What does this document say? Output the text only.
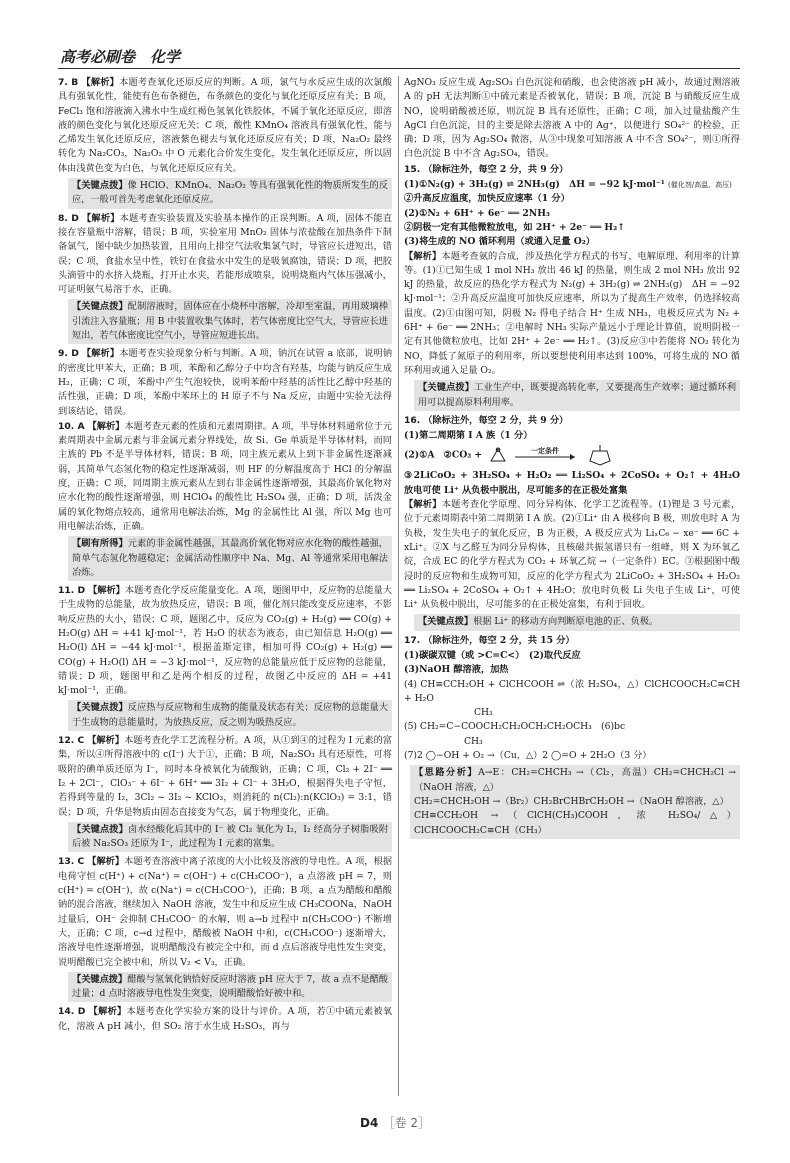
高考必刷卷　化学
7. B 【解析】本题考查氧化还原反应的判断。A 项，氯气与水反应生成的次氯酸具有强氧化性，能使有色布条褪色，布条颜色的变化与氧化还原反应有关；B 项，FeCl₃ 饱和溶液滴入沸水中生成红褐色氢氧化铁胶体，不属于氧化还原反应，即溶液的颜色变化与氧化还原反应无关；C 项，酸性 KMnO₄ 溶液具有强氧化性，能与乙烯发生氧化还原反应，溶液紫色褪去与氧化还原反应有关；D 项，Na₂O₂ 最终转化为 Na₂CO₃，Na₂O₂ 中 O 元素化合价发生变化，发生氧化还原反应，所以固体由浅黄色变为白色，与氧化还原反应有关。
【关键点拨】像 HClO、KMnO₄、Na₂O₂ 等具有强氧化性的物质所发生的反应，一般可首先考虑氧化还原反应。
8. D 【解析】本题考查实验装置及实验基本操作的正误判断。A 项，固体不能直接在容量瓶中溶解，错误；B 项，实验室用 MnO₂ 固体与浓盐酸在加热条件下制备氯气，图中缺少加热装置，且用向上排空气法收集氯气时，导管应长进短出，错误；C 项，食盐水呈中性，铁钉在食盐水中发生的是吸氧腐蚀，错误；D 项，把胶头滴管中的水挤入烧瓶，打开止水夹，若能形成喷泉，说明烧瓶内气体压强减小，可证明氨气易溶于水，正确。
【关键点拨】配制溶液时，固体应在小烧杯中溶解，冷却至室温，再用玻璃棒引流注入容量瓶；用 B 中装置收集气体时，若气体密度比空气大，导管应长进短出，若气体密度比空气小，导管应短进长出。
9. D 【解析】本题考查实验现象分析与判断。A 项，钠沉在试管 a 底部，说明钠的密度比甲苯大，正确；B 项，苯酚和乙醇分子中均含有羟基，均能与钠反应生成 H₂，正确；C 项，苯酚中产生气泡较快，说明苯酚中羟基的活性比乙醇中羟基的活性强，正确；D 项，苯酚中苯环上的 H 原子不与 Na 反应，由题中实验无法得到该结论，错误。
10. A 【解析】本题考查元素的性质和元素周期律。A 项，半导体材料通常位于元素周期表中金属元素与非金属元素分界线处，故 Si、Ge 单质是半导体材料，而同主族的 Pb 不是半导体材料，错误；B 项，同主族元素从上到下非金属性逐渐减弱，其简单气态氢化物的稳定性逐渐减弱，则 HF 的分解温度高于 HCl 的分解温度，正确；C 项，同周期主族元素从左到右非金属性逐渐增强，其最高价氧化物对应水化物的酸性逐渐增强，则 HClO₄ 的酸性比 H₂SO₄ 强，正确；D 项，活泼金属的氧化物熔点较高，通常用电解法冶炼，Mg 的金属性比 Al 强，所以 Mg 也可用电解法冶炼，正确。
【刷有所得】元素的非金属性越强，其最高价氧化物对应水化物的酸性越强，简单气态氢化物越稳定；金属活动性顺序中 Na、Mg、Al 等通常采用电解法冶炼。
11. D 【解析】本题考查化学反应能量变化。A 项，题图甲中，反应物的总能量大于生成物的总能量，故为放热反应，错误；B 项，催化剂只能改变反应速率，不影响反应热的大小，错误；C 项，题图乙中，反应为 CO₂(g) + H₂(g) ══ CO(g) + H₂O(g) ΔH = +41 kJ·mol⁻¹，若 H₂O 的状态为液态，由已知信息 H₂O(g) ══ H₂O(l) ΔH = −44 kJ·mol⁻¹，根据盖斯定律，相加可得 CO₂(g) + H₂(g) ══ CO(g) + H₂O(l) ΔH = −3 kJ·mol⁻¹，反应物的总能量应低于反应物的总能量，错误；D 项，题图甲和乙是两个相反的过程，故图乙中反应的 ΔH = +41 kJ·mol⁻¹，正确。
【关键点拨】反应热与反应物和生成物的能量及状态有关；反应物的总能量大于生成物的总能量时，为放热反应，反之则为吸热反应。
12. C 【解析】本题考查化学工艺流程分析。A 项，从①到④的过程为 I 元素的富集，所以④所得溶液中的 c(I⁻) 大于①，正确；B 项，Na₂SO₃ 具有还原性，可将吸附的碘单质还原为 I⁻，同时本身被氧化为硫酸钠，正确；C 项，Cl₂ + 2I⁻ ══ I₂ + 2Cl⁻，ClO₃⁻ + 6I⁻ + 6H⁺ ══ 3I₂ + Cl⁻ + 3H₂O，根据得失电子守恒，若得到等量的 I₂，3Cl₂ ~ 3I₂ ~ KClO₃，则消耗的 n(Cl₂):n(KClO₃) = 3:1，错误；D 项，升华是物质由固态直接变为气态，属于物理变化，正确。
【关键点拨】卤水经酸化后其中的 I⁻ 被 Cl₂ 氧化为 I₂，I₂ 经高分子树脂吸附后被 Na₂SO₃ 还原为 I⁻，此过程为 I 元素的富集。
13. C 【解析】本题考查溶液中离子浓度的大小比较及溶液的导电性。A 项，根据电荷守恒 c(H⁺) + c(Na⁺) = c(OH⁻) + c(CH₃COO⁻)，a 点溶液 pH = 7，则 c(H⁺) = c(OH⁻)，故 c(Na⁺) = c(CH₃COO⁻)，正确；B 项，a 点为醋酸和醋酸钠的混合溶液，继续加入 NaOH 溶液，发生中和反应生成 CH₃COONa，NaOH 过量后，OH⁻ 会抑制 CH₃COO⁻ 的水解，则 a→b 过程中 n(CH₃COO⁻) 不断增大，正确；C 项，c→d 过程中，醋酸被 NaOH 中和，c(CH₃COO⁻) 逐渐增大，溶液导电性逐渐增强，说明醋酸没有被完全中和，而 d 点后溶液导电性发生突变，说明醋酸已完全被中和，所以 V₂ < V₃，正确。
【关键点拨】醋酸与氢氧化钠恰好反应时溶液 pH 应大于 7，故 a 点不是醋酸过量；d 点时溶液导电性发生突变，说明醋酸恰好被中和。
14. D 【解析】本题考查化学实验方案的设计与评价。A 项，若①中硫元素被氧化，溶液 A pH 减小，但 SO₂ 溶于水生成 H₂SO₃，再与
AgNO₃ 反应生成 Ag₂SO₃ 白色沉淀和硝酸，也会使溶液 pH 减小，故通过测溶液 A 的 pH 无法判断①中硫元素是否被氧化，错误；B 项，沉淀 B 与硝酸反应生成 NO，说明硝酸被还原，则沉淀 B 具有还原性，正确；C 项，加入过量盐酸产生 AgCl 白色沉淀，目的主要是除去溶液 A 中的 Ag⁺，以便进行 SO₄²⁻ 的检验，正确；D 项，因为 Ag₂SO₄ 微溶，从③中现象可知溶液 A 中不含 SO₄²⁻，则①所得白色沉淀 B 中不含 Ag₂SO₄，错误。
15. （除标注外，每空 2 分，共 9 分）
(1)①N₂(g) + 3H₂(g) ⇌ 2NH₃(g)　ΔH = −92 kJ·mol⁻¹ (催化剂/高温、高压)
②升高反应温度，加快反应速率（1 分）
(2)①N₂ + 6H⁺ + 6e⁻ ══ 2NH₃
②阴极一定有其他微粒放电，如 2H⁺ + 2e⁻ ══ H₂↑
(3)将生成的 NO 循环利用（或通入足量 O₂）
【解析】本题考查氨的合成，涉及热化学方程式的书写、电解原理、利用率的计算等。(1)①已知生成 1 mol NH₃ 放出 46 kJ 的热量，则生成 2 mol NH₃ 放出 92 kJ 的热量，故反应的热化学方程式为 N₂(g) + 3H₂(g) ⇌ 2NH₃(g)　ΔH = −92 kJ·mol⁻¹；②升高反应温度可加快反应速率，所以为了提高生产效率，仍选择较高温度。(2)①由图可知，阴极 N₂ 得电子结合 H⁺ 生成 NH₃，电极反应式为 N₂ + 6H⁺ + 6e⁻ ══ 2NH₃；②电解时 NH₃ 实际产量远小于理论计算值，说明阴极一定有其他微粒放电，比如 2H⁺ + 2e⁻ ══ H₂↑。(3)反应③中若能将 NO₂ 转化为 NO，降低了氮原子的利用率，所以要想使利用率达到 100%，可将生成的 NO 循环利用或通入足量 O₂。
【关键点拨】工业生产中，既要提高转化率，又要提高生产效率；通过循环利用可以提高原料利用率。
16. （除标注外，每空 2 分，共 9 分）
(1)第二周期第 I A 族（1 分）
(2)①A　②CO₂ + O	一定条件
③2LiCoO₂ + 3H₂SO₄ + H₂O₂ ══ Li₂SO₄ + 2CoSO₄ + O₂↑ + 4H₂O　放电可使 Li⁺ 从负极中脱出，尽可能多的在正极处富集
【解析】本题考查化学原理、同分异构体、化学工艺流程等。(1)锂是 3 号元素，位于元素周期表中第二周期第 I A 族。(2)①Li⁺ 由 A 极移向 B 极，则放电时 A 为负极，发生失电子的氧化反应，B 为正极，A 极反应式为 LiₓC₆ − xe⁻ ══ 6C + xLi⁺。②X 与乙醛互为同分异构体，且核磁共振氢谱只有一组峰，则 X 为环氧乙烷，合成 EC 的化学方程式为 CO₂ + 环氧乙烷 →（一定条件）EC。③根据图中酸浸时的反应物和生成物可知，反应的化学方程式为 2LiCoO₂ + 3H₂SO₄ + H₂O₂ ══ Li₂SO₄ + 2CoSO₄ + O₂↑ + 4H₂O；放电时负极 Li 失电子生成 Li⁺，可使 Li⁺ 从负极中脱出，尽可能多的在正极处富集，有利于回收。
【关键点拨】根据 Li⁺ 的移动方向判断原电池的正、负极。
17. （除标注外，每空 2 分，共 15 分）
(1)碳碳双键（或 >C=C<）　(2)取代反应
(3)NaOH 醇溶液，加热
(4) CH≡CCH₂OH + ClCHCOOH ⇌（浓 H₂SO₄，△）ClCHCOOCH₂C≡CH + H₂O
CH₃
(5) CH₂=C−COOCH₂CH₂OCH₂CH₂OCH₃　(6)bc
CH₃
(7)2 ◯−OH + O₂ →（Cu，△）2 ◯=O + 2H₂O（3 分）
【思路分析】A→E：CH₂=CHCH₃ →（Cl₂，高温）CH₂=CHCH₂Cl →（NaOH 溶液，△）
CH₂=CHCH₂OH →（Br₂）CH₂BrCHBrCH₂OH →（NaOH 醇溶液，△）
CH≡CCH₂OH →（ClCH(CH₃)COOH，浓 H₂SO₄/△）ClCHCOOCH₂C≡CH（CH₃）
D4 ［卷 2］
